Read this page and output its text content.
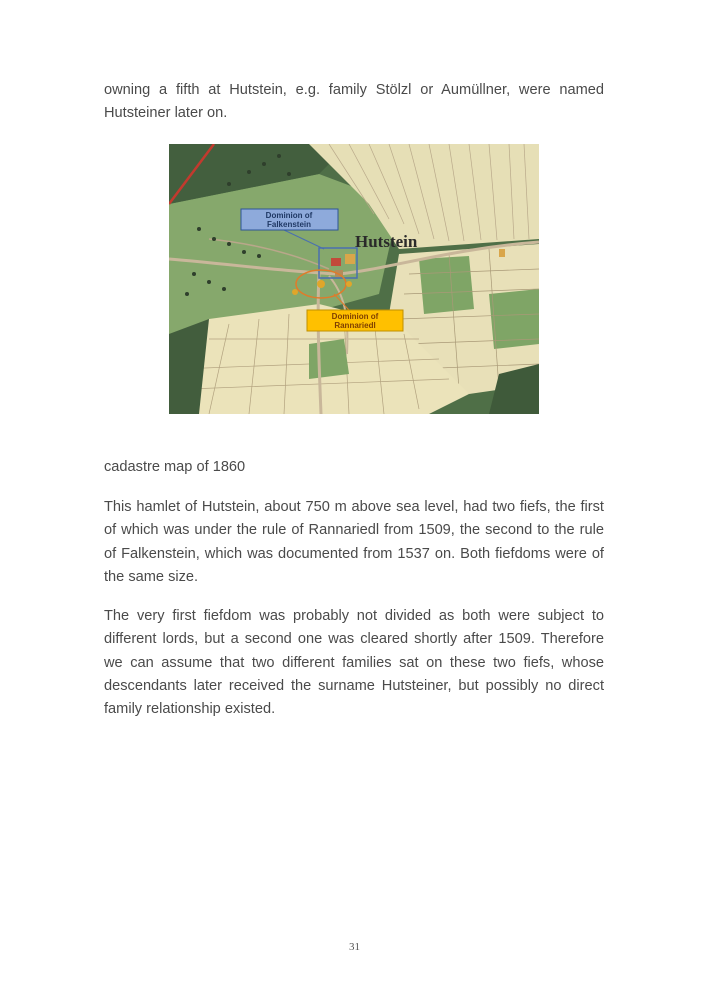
owning a fifth at Hutstein, e.g. family Stölzl or Aumüllner, were named Hutsteiner later on.

Hutstein
Dominion of
Falkenstein
Dominion of
Rannariedl

cadastre map of 1860

This hamlet of Hutstein, about 750 m above sea level, had two fiefs, the first of which was under the rule of Rannariedl from 1509, the second to the rule of Falkenstein, which was documented from 1537 on. Both fiefdoms were of the same size.

The very first fiefdom was probably not divided as both were subject to different lords, but a second one was cleared shortly after 1509. Therefore we can assume that two different families sat on these two fiefs, whose descendants later received the surname Hutsteiner, but possibly no direct family relationship existed.

31
